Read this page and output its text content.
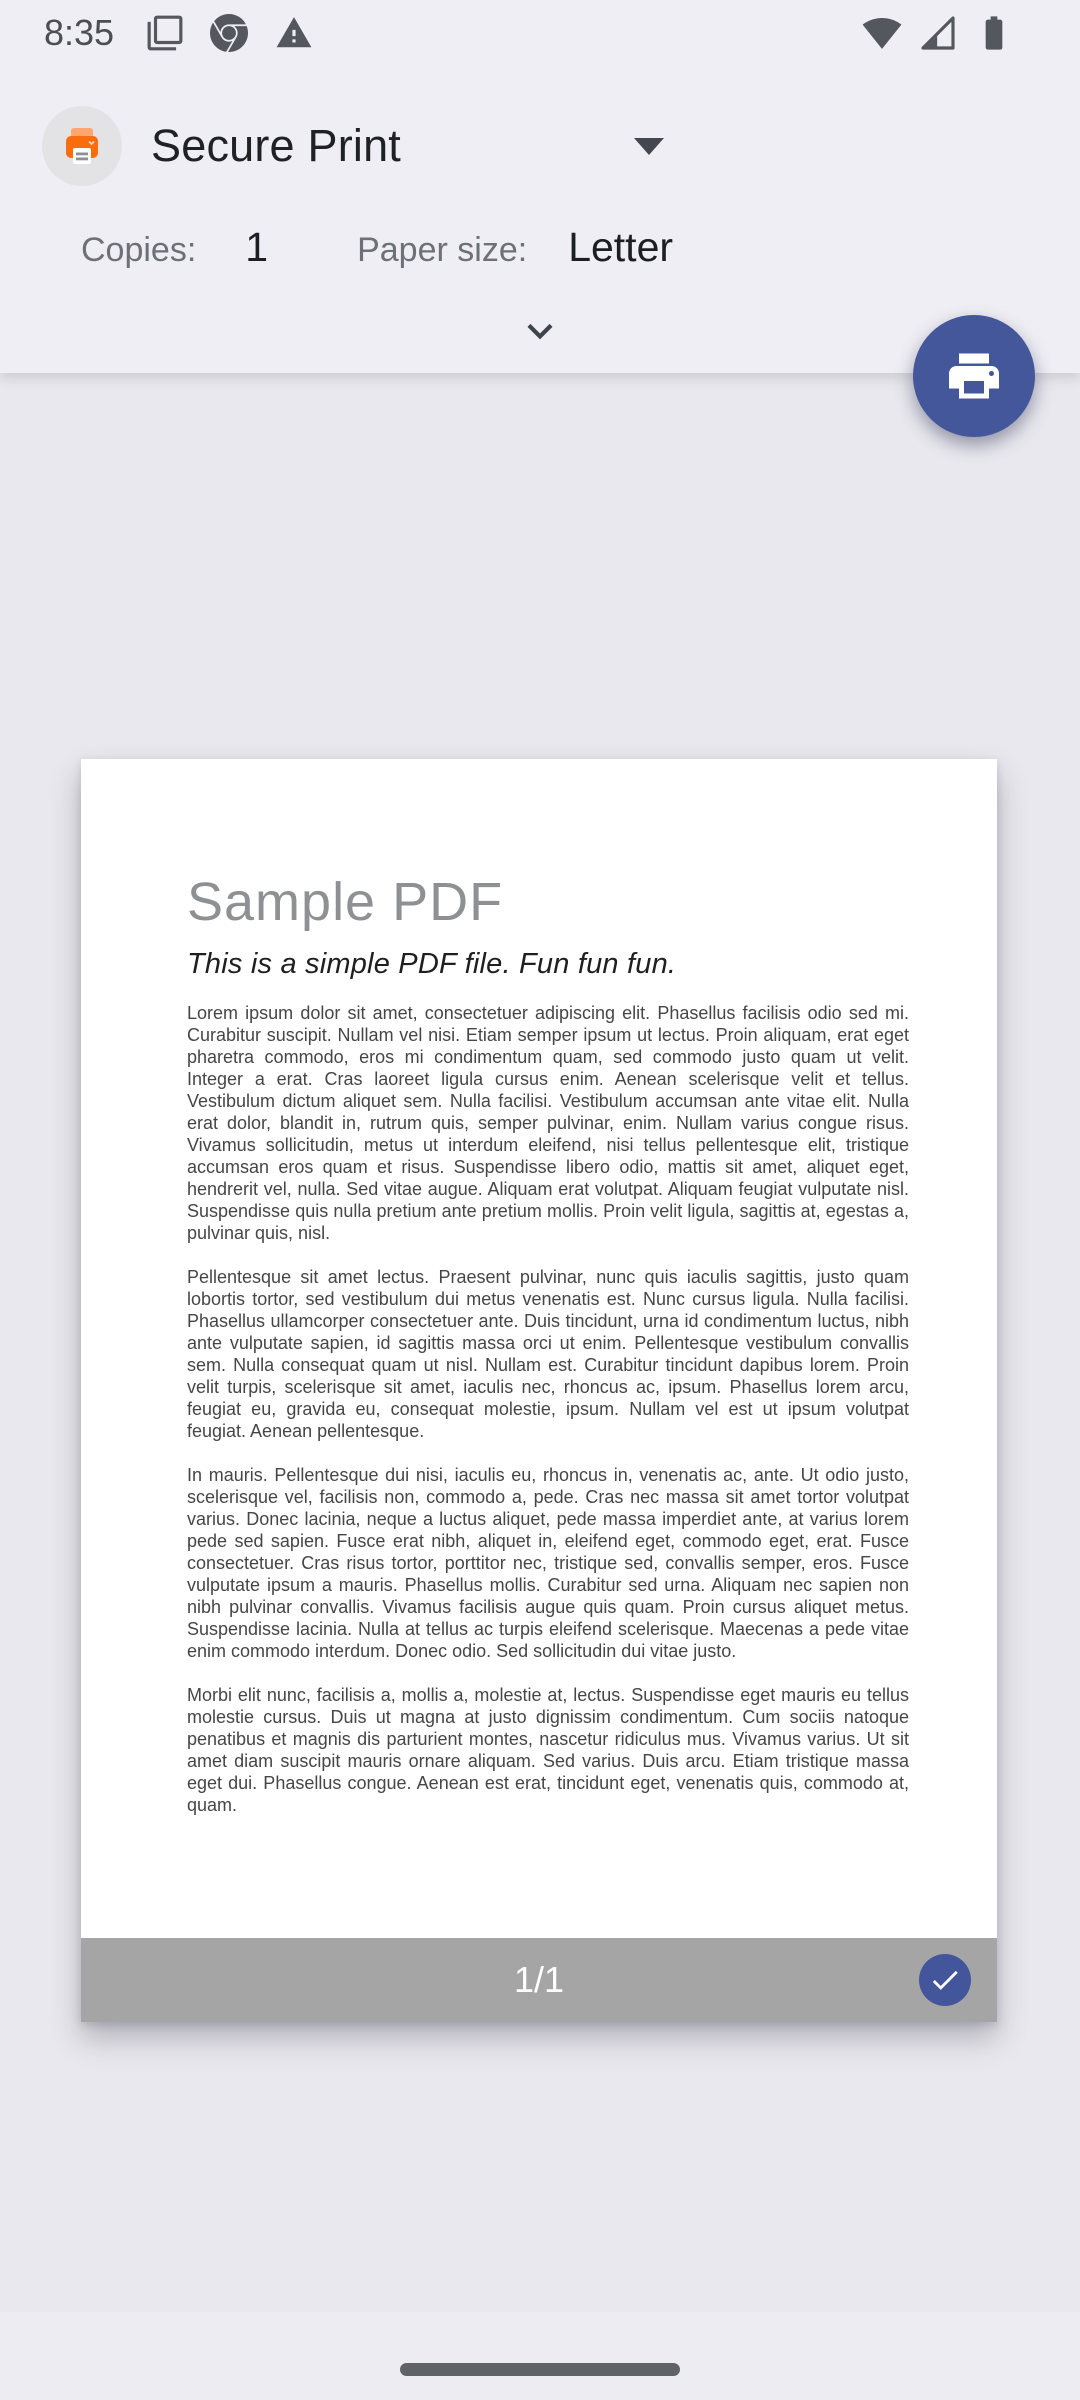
8:35
Secure Print
Copies: 1	Paper size: Letter
Sample PDF
This is a simple PDF file. Fun fun fun.

Lorem ipsum dolor sit amet, consectetuer adipiscing elit. Phasellus facilisis odio sed mi. Curabitur suscipit. Nullam vel nisi. Etiam semper ipsum ut lectus. Proin aliquam, erat eget pharetra commodo, eros mi condimentum quam, sed commodo justo quam ut velit. Integer a erat. Cras laoreet ligula cursus enim. Aenean scelerisque velit et tellus. Vestibulum dictum aliquet sem. Nulla facilisi. Vestibulum accumsan ante vitae elit. Nulla erat dolor, blandit in, rutrum quis, semper pulvinar, enim. Nullam varius congue risus. Vivamus sollicitudin, metus ut interdum eleifend, nisi tellus pellentesque elit, tristique accumsan eros quam et risus. Suspendisse libero odio, mattis sit amet, aliquet eget, hendrerit vel, nulla. Sed vitae augue. Aliquam erat volutpat. Aliquam feugiat vulputate nisl. Suspendisse quis nulla pretium ante pretium mollis. Proin velit ligula, sagittis at, egestas a, pulvinar quis, nisl.

Pellentesque sit amet lectus. Praesent pulvinar, nunc quis iaculis sagittis, justo quam lobortis tortor, sed vestibulum dui metus venenatis est. Nunc cursus ligula. Nulla facilisi. Phasellus ullamcorper consectetuer ante. Duis tincidunt, urna id condimentum luctus, nibh ante vulputate sapien, id sagittis massa orci ut enim. Pellentesque vestibulum convallis sem. Nulla consequat quam ut nisl. Nullam est. Curabitur tincidunt dapibus lorem. Proin velit turpis, scelerisque sit amet, iaculis nec, rhoncus ac, ipsum. Phasellus lorem arcu, feugiat eu, gravida eu, consequat molestie, ipsum. Nullam vel est ut ipsum volutpat feugiat. Aenean pellentesque.

In mauris. Pellentesque dui nisi, iaculis eu, rhoncus in, venenatis ac, ante. Ut odio justo, scelerisque vel, facilisis non, commodo a, pede. Cras nec massa sit amet tortor volutpat varius. Donec lacinia, neque a luctus aliquet, pede massa imperdiet ante, at varius lorem pede sed sapien. Fusce erat nibh, aliquet in, eleifend eget, commodo eget, erat. Fusce consectetuer. Cras risus tortor, porttitor nec, tristique sed, convallis semper, eros. Fusce vulputate ipsum a mauris. Phasellus mollis. Curabitur sed urna. Aliquam nec sapien non nibh pulvinar convallis. Vivamus facilisis augue quis quam. Proin cursus aliquet metus. Suspendisse lacinia. Nulla at tellus ac turpis eleifend scelerisque. Maecenas a pede vitae enim commodo interdum. Donec odio. Sed sollicitudin dui vitae justo.

Morbi elit nunc, facilisis a, mollis a, molestie at, lectus. Suspendisse eget mauris eu tellus molestie cursus. Duis ut magna at justo dignissim condimentum. Cum sociis natoque penatibus et magnis dis parturient montes, nascetur ridiculus mus. Vivamus varius. Ut sit amet diam suscipit mauris ornare aliquam. Sed varius. Duis arcu. Etiam tristique massa eget dui. Phasellus congue. Aenean est erat, tincidunt eget, venenatis quis, commodo at, quam.

1/1
